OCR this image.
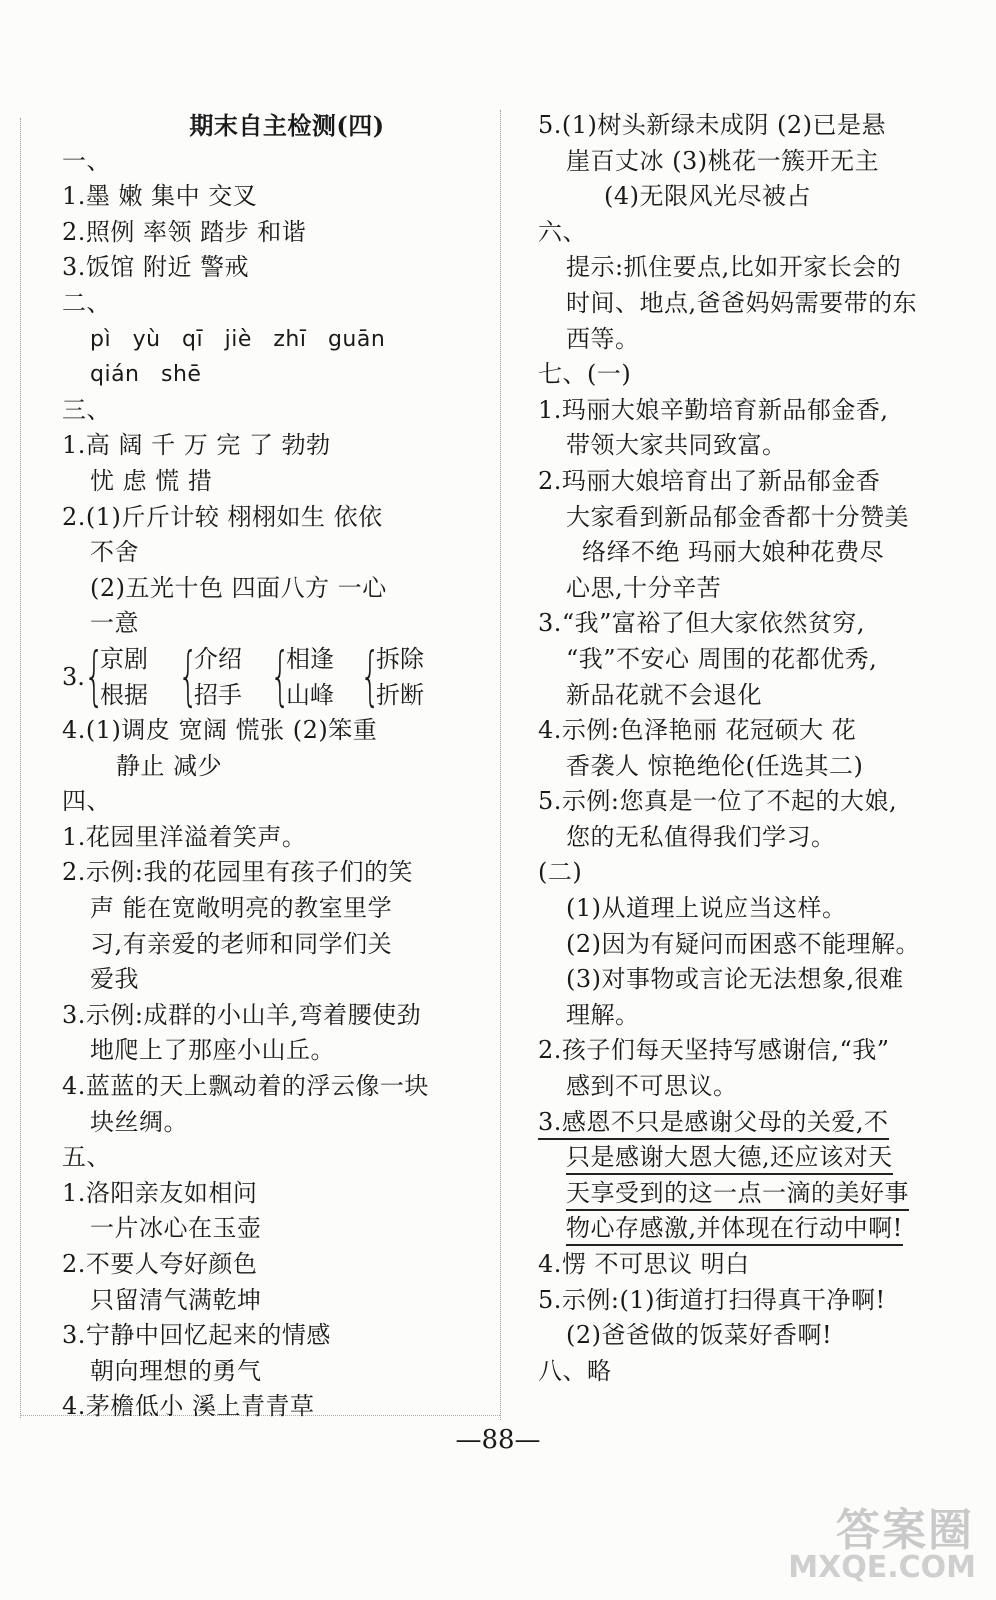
期末自主检测(四)
一、
1.墨 嫩 集中 交叉
2.照例 率领 踏步 和谐
3.饭馆 附近 警戒
二、
pì yù qī jiè zhī guān
qián shē
三、
1.高 阔 千 万 完 了 勃勃
忧 虑 慌 措
2.(1)斤斤计较 栩栩如生 依依
不舍
(2)五光十色 四面八方 一心
一意
3. {
京剧
根据 {
介绍
招手 {
相逢
山峰 {
拆除
折断
4.(1)调皮 宽阔 慌张 (2)笨重
静止 减少
四、
1.花园里洋溢着笑声。
2.示例:我的花园里有孩子们的笑
声 能在宽敞明亮的教室里学
习,有亲爱的老师和同学们关
爱我
3.示例:成群的小山羊,弯着腰使劲
地爬上了那座小山丘。
4.蓝蓝的天上飘动着的浮云像一块
块丝绸。
五、
1.洛阳亲友如相问
一片冰心在玉壶
2.不要人夸好颜色
只留清气满乾坤
3.宁静中回忆起来的情感
朝向理想的勇气
4.茅檐低小 溪上青青草
5.(1)树头新绿未成阴 (2)已是悬
崖百丈冰 (3)桃花一簇开无主
(4)无限风光尽被占
六、
提示:抓住要点,比如开家长会的
时间、地点,爸爸妈妈需要带的东
西等。
七、(一)
1.玛丽大娘辛勤培育新品郁金香,
带领大家共同致富。
2.玛丽大娘培育出了新品郁金香
大家看到新品郁金香都十分赞美
络绎不绝 玛丽大娘种花费尽
心思,十分辛苦
3.“我”富裕了但大家依然贫穷,
“我”不安心 周围的花都优秀,
新品花就不会退化
4.示例:色泽艳丽 花冠硕大 花
香袭人 惊艳绝伦(任选其二)
5.示例:您真是一位了不起的大娘,
您的无私值得我们学习。
(二)
(1)从道理上说应当这样。
(2)因为有疑问而困惑不能理解。
(3)对事物或言论无法想象,很难
理解。
2.孩子们每天坚持写感谢信,“我”
感到不可思议。
3.感恩不只是感谢父母的关爱,不
只是感谢大恩大德,还应该对天
天享受到的这一点一滴的美好事
物心存感激,并体现在行动中啊!
4.愣 不可思议 明白
5.示例:(1)街道打扫得真干净啊!
(2)爸爸做的饭菜好香啊!
八、略
—88—
答案圈
MXQE.COM
